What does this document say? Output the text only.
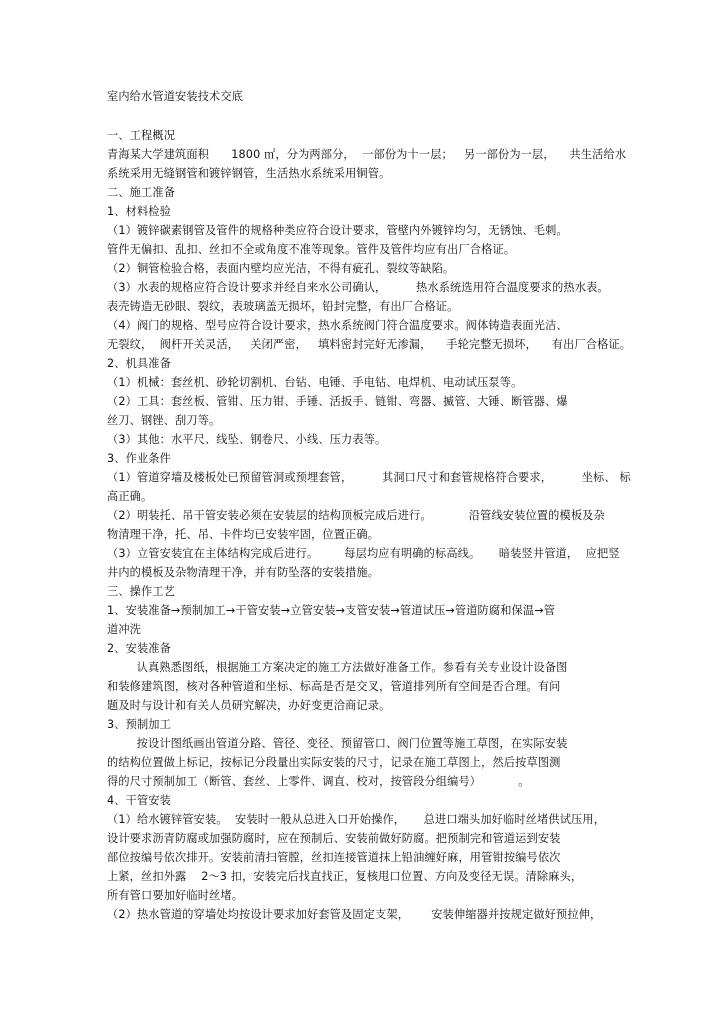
室内给水管道安装技术交底
一、工程概况
青海某大学建筑面积      1800 ㎡，分为两部分，  一部份为十一层；   另一部份为一层，    共生活给水
系统采用无缝钢管和镀锌钢管，生活热水系统采用铜管。
二、施工准备
1、材料检验
（1）镀锌碳素钢管及管件的规格种类应符合设计要求，管壁内外镀锌均匀，无锈蚀、毛刺。
管件无偏扣、乱扣、丝扣不全或角度不准等现象。管件及管件均应有出厂合格证。
（2）铜管检验合格，表面内壁均应光洁，不得有疵孔、裂纹等缺陷。
（3）水表的规格应符合设计要求并经自来水公司确认，        热水系统选用符合温度要求的热水表。
表壳铸造无砂眼、裂纹，表玻璃盖无损坏，铅封完整，有出厂合格证。
（4）阀门的规格、型号应符合设计要求，热水系统阀门符合温度要求。阀体铸造表面光洁、
无裂纹，  阀杆开关灵活，   关闭严密，   填料密封完好无渗漏，    手轮完整无损坏，    有出厂合格证。
2、机具准备
（1）机械：套丝机、砂轮切割机、台钻、电锤、手电钻、电焊机、电动试压泵等。
（2）工具：套丝板、管钳、压力钳、手锤、活扳手、链钳、弯器、揻管、大锤、断管器、爆
丝刀、钢锉、刮刀等。
（3）其他：水平尺、线坠、钢卷尺、小线、压力表等。
3、作业条件
（1）管道穿墙及楼板处已预留管洞或预埋套管，        其洞口尺寸和套管规格符合要求，        坐标、 标
高正确。
（2）明装托、吊干管安装必须在安装层的结构顶板完成后进行。          沿管线安装位置的模板及杂
物清理干净，托、吊、卡件均已安装牢固，位置正确。
（3）立管安装宜在主体结构完成后进行。       每层均应有明确的标高线。     暗装竖井管道，  应把竖
井内的模板及杂物清理干净，并有防坠落的安装措施。
三、操作工艺
1、安装准备→预制加工→干管安装→立管安装→支管安装→管道试压→管道防腐和保温→管
道冲洗
2、安装准备
认真熟悉图纸，根据施工方案决定的施工方法做好准备工作。参看有关专业设计设备图
和装修建筑图，核对各种管道和坐标、标高是否是交叉，管道排列所有空间是否合理。有问
题及时与设计和有关人员研究解决，办好变更洽商记录。
3、预制加工
按设计图纸画出管道分路、管径、变径、预留管口、阀门位置等施工草图，在实际安装
的结构位置做上标记，按标记分段量出实际安装的尺寸，记录在施工草图上，然后按草图测
得的尺寸预制加工（断管、套丝、上零件、调直、校对，按管段分组编号）          。
4、干管安装
（1）给水镀锌管安装。  安装时一般从总进入口开始操作，     总进口端头加好临时丝堵供试压用，
设计要求沥青防腐或加强防腐时，应在预制后、安装前做好防腐。把预制完和管道运到安装
部位按编号依次排开。安装前清扫管膛，丝扣连接管道抹上铅油缠好麻，用管钳按编号依次
上紧，丝扣外露    2～3 扣，安装完后找直找正，复核甩口位置、方向及变径无误。清除麻头，
所有管口要加好临时丝堵。
（2）热水管道的穿墙处均按设计要求加好套管及固定支架，      安装伸缩器并按规定做好预拉伸，
